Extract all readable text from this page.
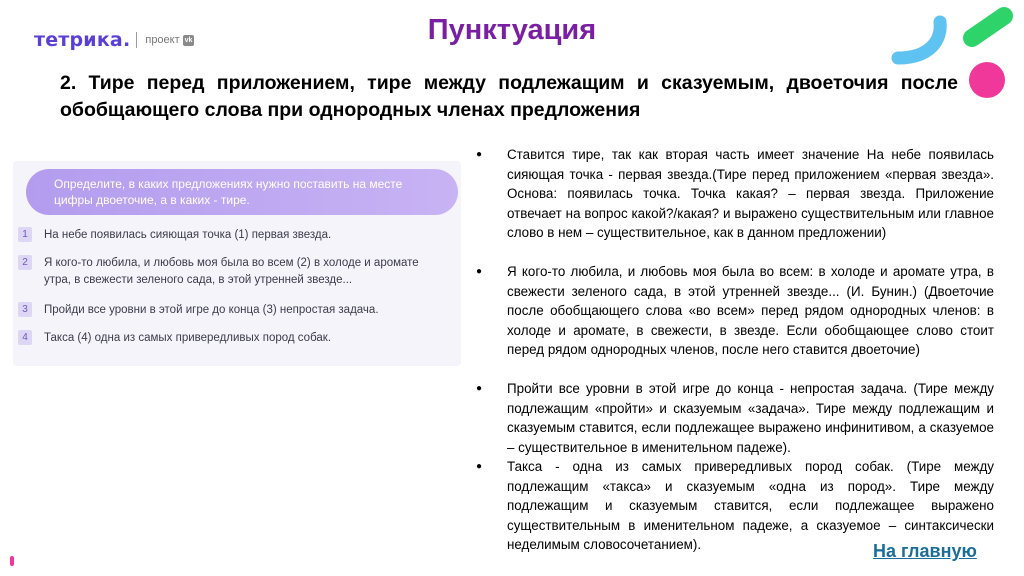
тетрика. проект vk	Пунктуация
2. Тире перед приложением, тире между подлежащим и сказуемым, двоеточия после обобщающего слова при однородных членах предложения
Определите, в каких предложениях нужно поставить на месте цифры двоеточие, а в каких - тире.
1	На небе появилась сияющая точка (1) первая звезда.
2	Я кого-то любила, и любовь моя была во всем (2) в холоде и аромате утра, в свежести зеленого сада, в этой утренней звезде...
3	Пройди все уровни в этой игре до конца (3) непростая задача.
4	Такса (4) одна из самых привередливых пород собак.
●	Ставится тире, так как вторая часть имеет значение На небе появилась сияющая точка - первая звезда.(Тире перед приложением «первая звезда». Основа: появилась точка. Точка какая? – первая звезда. Приложение отвечает на вопрос какой?/какая? и выражено существительным или главное слово в нем – существительное, как в данном предложении)
●	Я кого-то любила, и любовь моя была во всем: в холоде и аромате утра, в свежести зеленого сада, в этой утренней звезде... (И. Бунин.) (Двоеточие после обобщающего слова «во всем» перед рядом однородных членов: в холоде и аромате, в свежести, в звезде. Если обобщающее слово стоит перед рядом однородных членов, после него ставится двоеточие)
●	Пройти все уровни в этой игре до конца - непростая задача. (Тире между подлежащим «пройти» и сказуемым «задача». Тире между подлежащим и сказуемым ставится, если подлежащее выражено инфинитивом, а сказуемое – существительное в именительном падеже).
●	Такса - одна из самых привередливых пород собак. (Тире между подлежащим «такса» и сказуемым «одна из пород». Тире между подлежащим и сказуемым ставится, если подлежащее выражено существительным в именительном падеже, а сказуемое – синтаксически неделимым словосочетанием).	На главную
